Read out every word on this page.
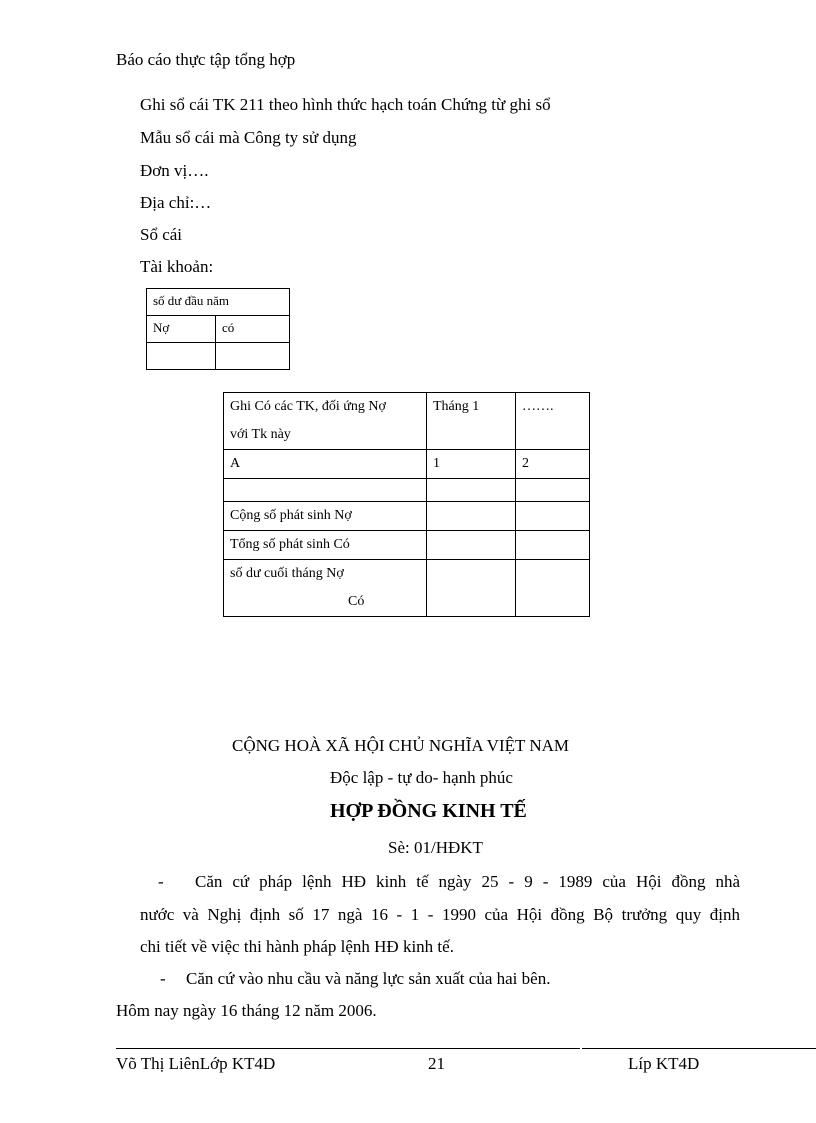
Báo cáo thực tập tổng hợp
Ghi sổ cái TK 211 theo hình thức hạch toán Chứng từ ghi sổ
Mẫu sổ cái mà Công ty sử dụng
Đơn vị….
Địa chỉ:…
Sổ cái
Tài khoản:
số dư đầu năm	
Nợ	có

Ghi Có các TK, đối ứng Nợ
với Tk này	Tháng 1	…….
A	1	2

Cộng số phát sinh Nợ		
Tổng số phát sinh Có		

số dư cuối tháng Nợ
Có		

CỘNG HOÀ XÃ HỘI CHỦ NGHĨA VIỆT NAM
Độc lập - tự do- hạnh phúc
HỢP ĐỒNG KINH TẾ
Sè: 01/HĐKT
- Căn cứ pháp lệnh HĐ kinh tế ngày 25 - 9 - 1989 của Hội đồng nhà
nước và Nghị định số 17 ngà 16 - 1 - 1990 của Hội đồng Bộ trưởng quy định
chi tiết về việc thi hành pháp lệnh HĐ kinh tế.
- Căn cứ vào nhu cầu và năng lực sản xuất của hai bên.
Hôm nay ngày 16 tháng 12 năm 2006.
Võ Thị LiênLớp KT4D	21	Líp KT4D
